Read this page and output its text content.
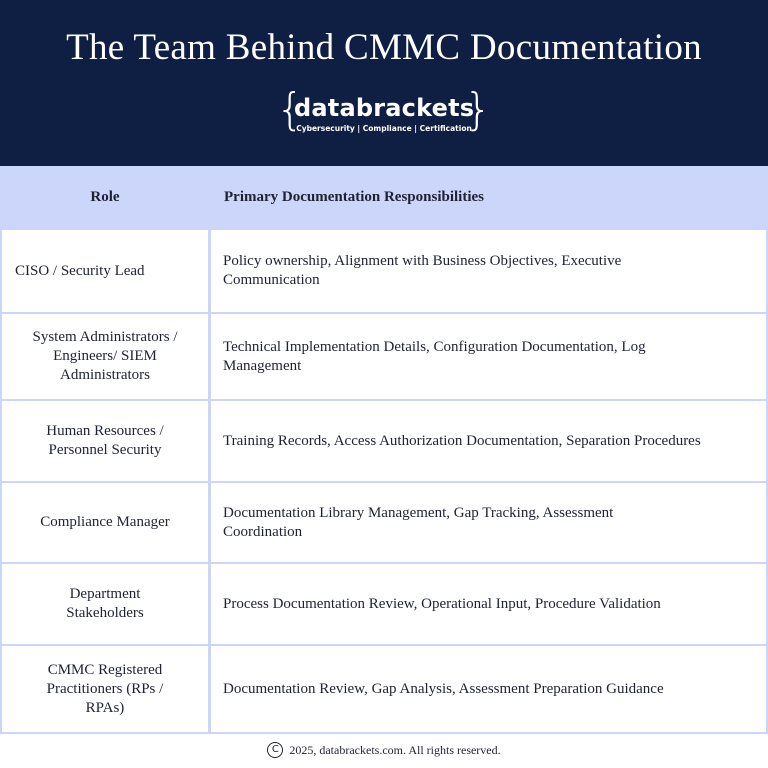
The Team Behind CMMC Documentation
{
databrackets
Cybersecurity | Compliance | Certification
}
Role	Primary Documentation Responsibilities
CISO / Security Lead
Policy ownership, Alignment with Business Objectives, Executive Communication
System Administrators / Engineers/ SIEM Administrators
Technical Implementation Details, Configuration Documentation, Log Management
Human Resources / Personnel Security
Training Records, Access Authorization Documentation, Separation Procedures
Compliance Manager
Documentation Library Management, Gap Tracking, Assessment Coordination
Department Stakeholders
Process Documentation Review, Operational Input, Procedure Validation
CMMC Registered Practitioners (RPs / RPAs)
Documentation Review, Gap Analysis, Assessment Preparation Guidance
C 2025, databrackets.com. All rights reserved.
